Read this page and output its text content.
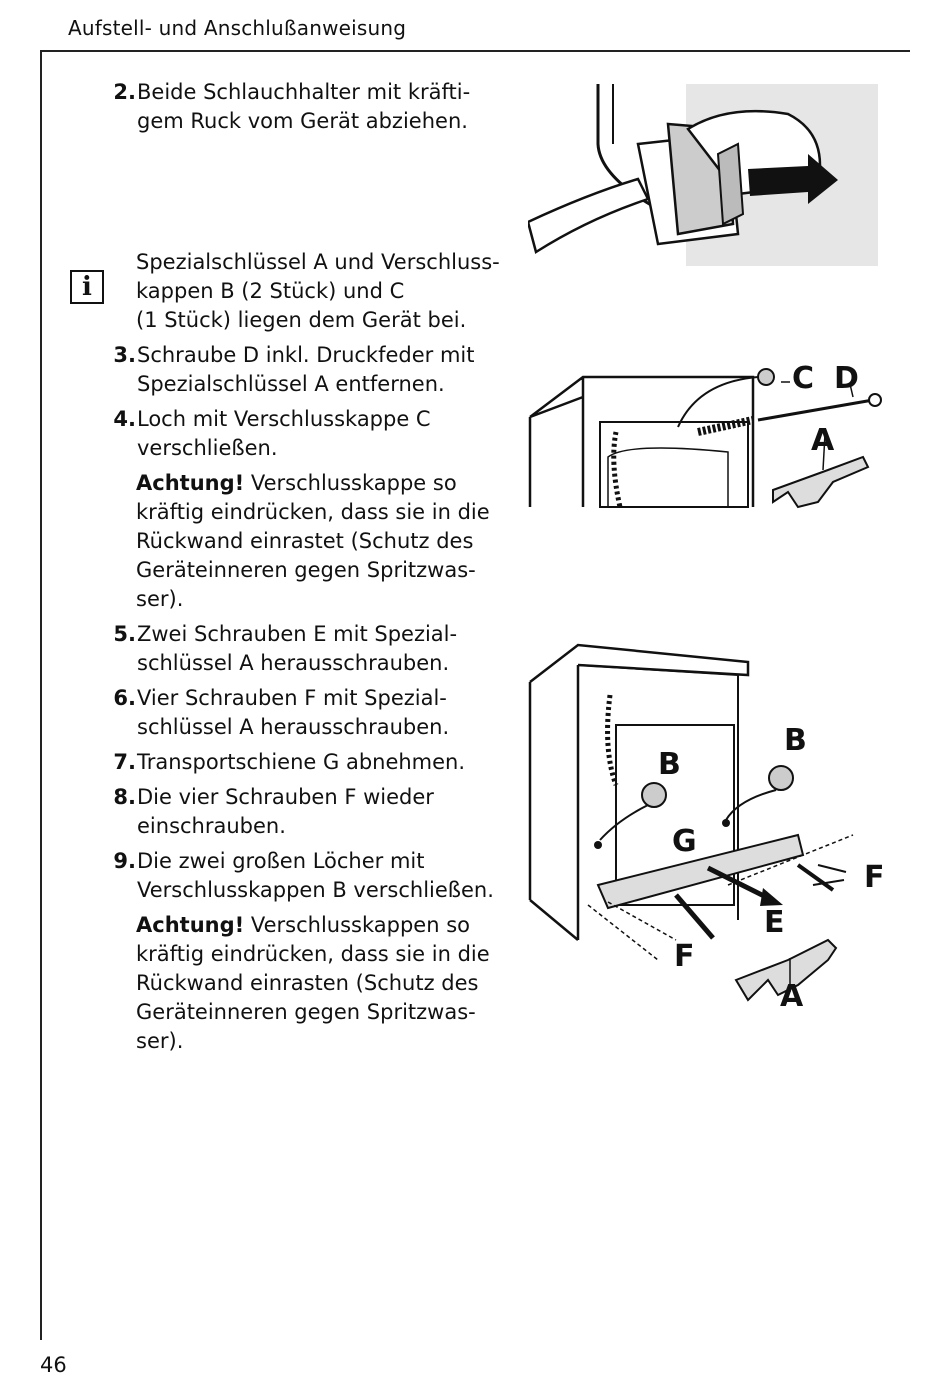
Aufstell- und Anschlußanweisung
i
2. Beide Schlauchhalter mit kräfti-
gem Ruck vom Gerät abziehen.
Spezialschlüssel A und Verschluss-
kappen B (2 Stück) und C
(1 Stück) liegen dem Gerät bei.
3. Schraube D inkl. Druckfeder mit
Spezialschlüssel A entfernen.
4. Loch mit Verschlusskappe C
verschließen.
Achtung! Verschlusskappe so
kräftig eindrücken, dass sie in die
Rückwand einrastet (Schutz des
Geräteinneren gegen Spritzwas-
ser).
5. Zwei Schrauben E mit Spezial-
schlüssel A herausschrauben.
6. Vier Schrauben F mit Spezial-
schlüssel A herausschrauben.
7. Transportschiene G abnehmen.
8. Die vier Schrauben F wieder
einschrauben.
9. Die zwei großen Löcher mit
Verschlusskappen B verschließen.
Achtung! Verschlusskappen so
kräftig eindrücken, dass sie in die
Rückwand einrasten (Schutz des
Geräteinneren gegen Spritzwas-
ser).
C D
A
B
B
G
F
E
F
A
46
